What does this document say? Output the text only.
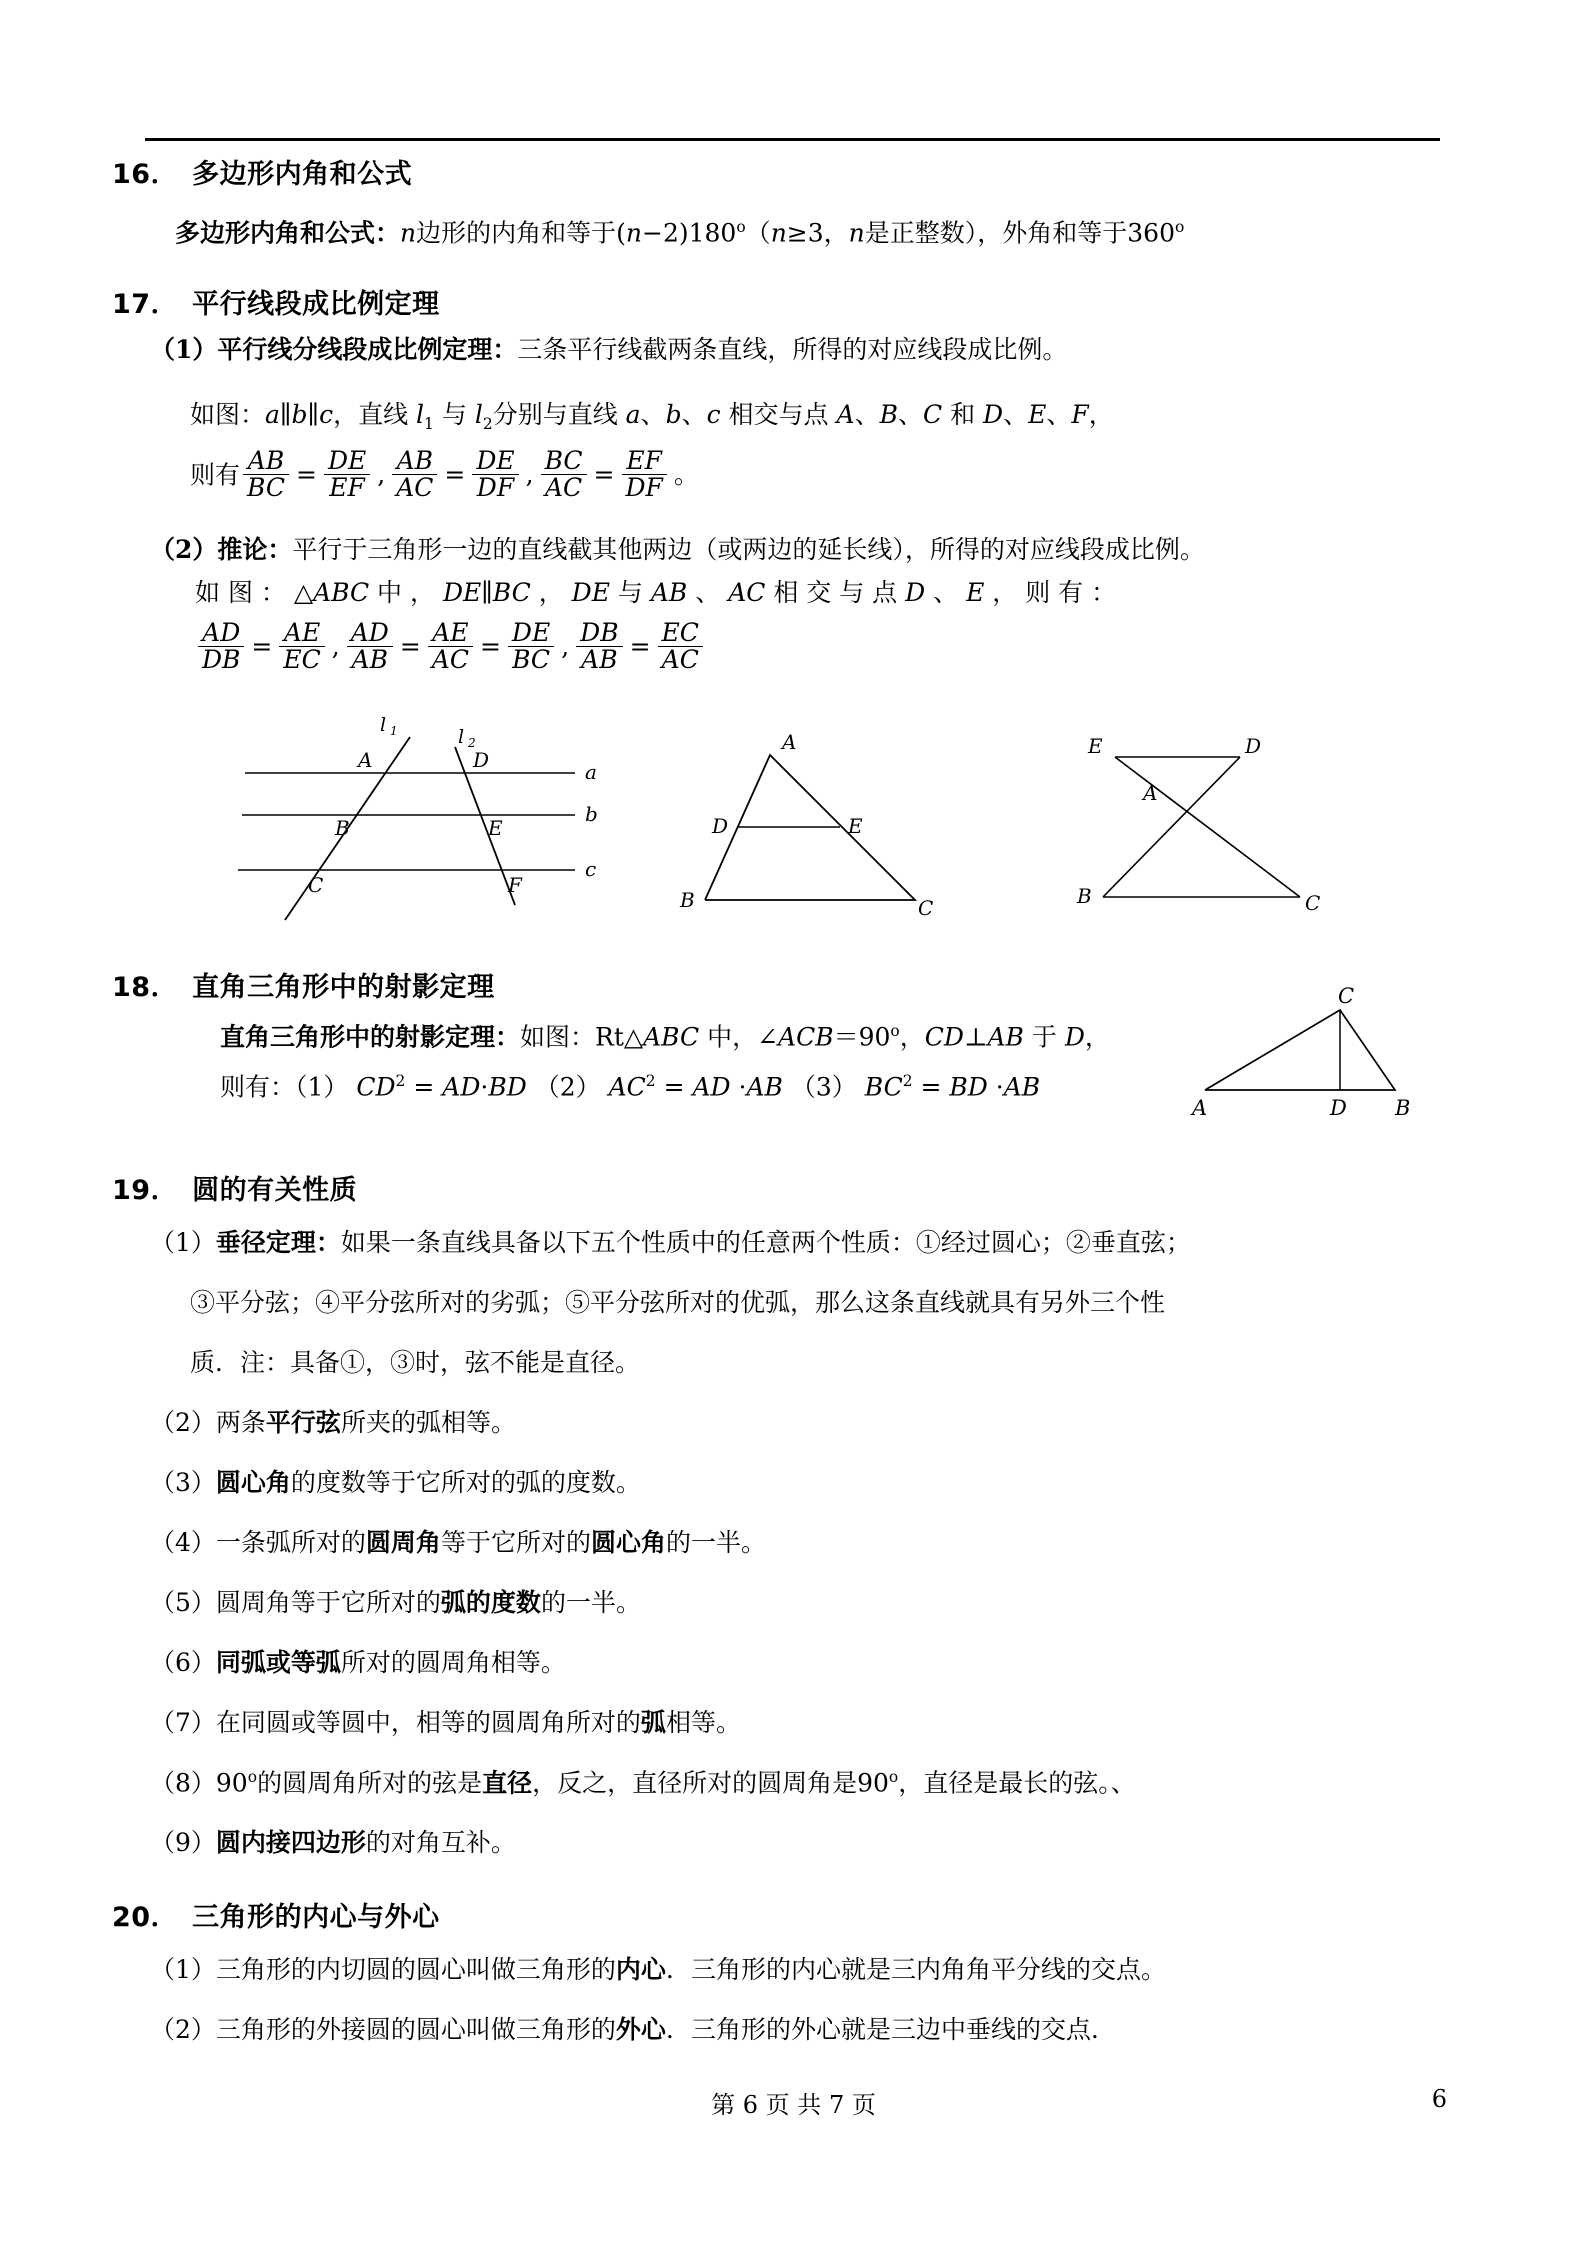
16． 多边形内角和公式
多边形内角和公式：n边形的内角和等于$(n-2)180^o(n\ge 3$，n是正整数），外角和等于360$^o$
17． 平行线段成比例定理
（1）平行线分线段成比例定理：三条平行线截两条直线，所得的对应线段成比例。
如图：a∥b∥c，直线 $l_1$ 与 $l_2$分别与直线 a、b、c 相交与点 A、B、C 和 D、E、F，
则有 $\frac{AB}{BC} = \frac{DE}{EF}$ , $\frac{AB}{AC} = \frac{DE}{DF}$ , $\frac{BC}{AC} = \frac{EF}{DF}$ 。
（2）推论：平行于三角形一边的直线截其他两边（或两边的延长线），所得的对应线段成比例。
如 图 ： △ABC 中 ， DE∥BC ， DE 与 AB 、 AC 相 交 与 点 D 、 E ， 则 有 ：
$\frac{AD}{DB} = \frac{AE}{EC}$ , $\frac{AD}{AB} = \frac{AE}{AC} = \frac{DE}{BC}$ , $\frac{DB}{AB} = \frac{EC}{AC}$
l 1	l 2
A	D
B	E
C	F
a
b
c
A
D	E
B	C
E	D
A
B	C
18． 直角三角形中的射影定理
直角三角形中的射影定理：如图：Rt△ABC 中，$\angle ACB=90^o$，CD⊥AB 于 D，
则有：（1） $CD^2 = AD\cdot BD$ （2） $AC^2$ = AD ·AB （3） $BC^2$ = BD ·AB
C
A	D B
19． 圆的有关性质
（1）垂径定理：如果一条直线具备以下五个性质中的任意两个性质：①经过圆心；②垂直弦；
③平分弦；④平分弦所对的劣弧；⑤平分弦所对的优弧，那么这条直线就具有另外三个性
质．注：具备①，③时，弦不能是直径。
（2）两条平行弦所夹的弧相等。
（3）圆心角的度数等于它所对的弧的度数。
（4）一条弧所对的圆周角等于它所对的圆心角的一半。
（5）圆周角等于它所对的弧的度数的一半。
（6）同弧或等弧所对的圆周角相等。
（7）在同圆或等圆中，相等的圆周角所对的弧相等。
（8）90$^o$的圆周角所对的弦是直径，反之，直径所对的圆周角是90$^o$，直径是最长的弦。、
（9）圆内接四边形的对角互补。
20． 三角形的内心与外心
（1）三角形的内切圆的圆心叫做三角形的内心．三角形的内心就是三内角角平分线的交点。
（2）三角形的外接圆的圆心叫做三角形的外心．三角形的外心就是三边中垂线的交点．
第 6 页 共 7 页	6
